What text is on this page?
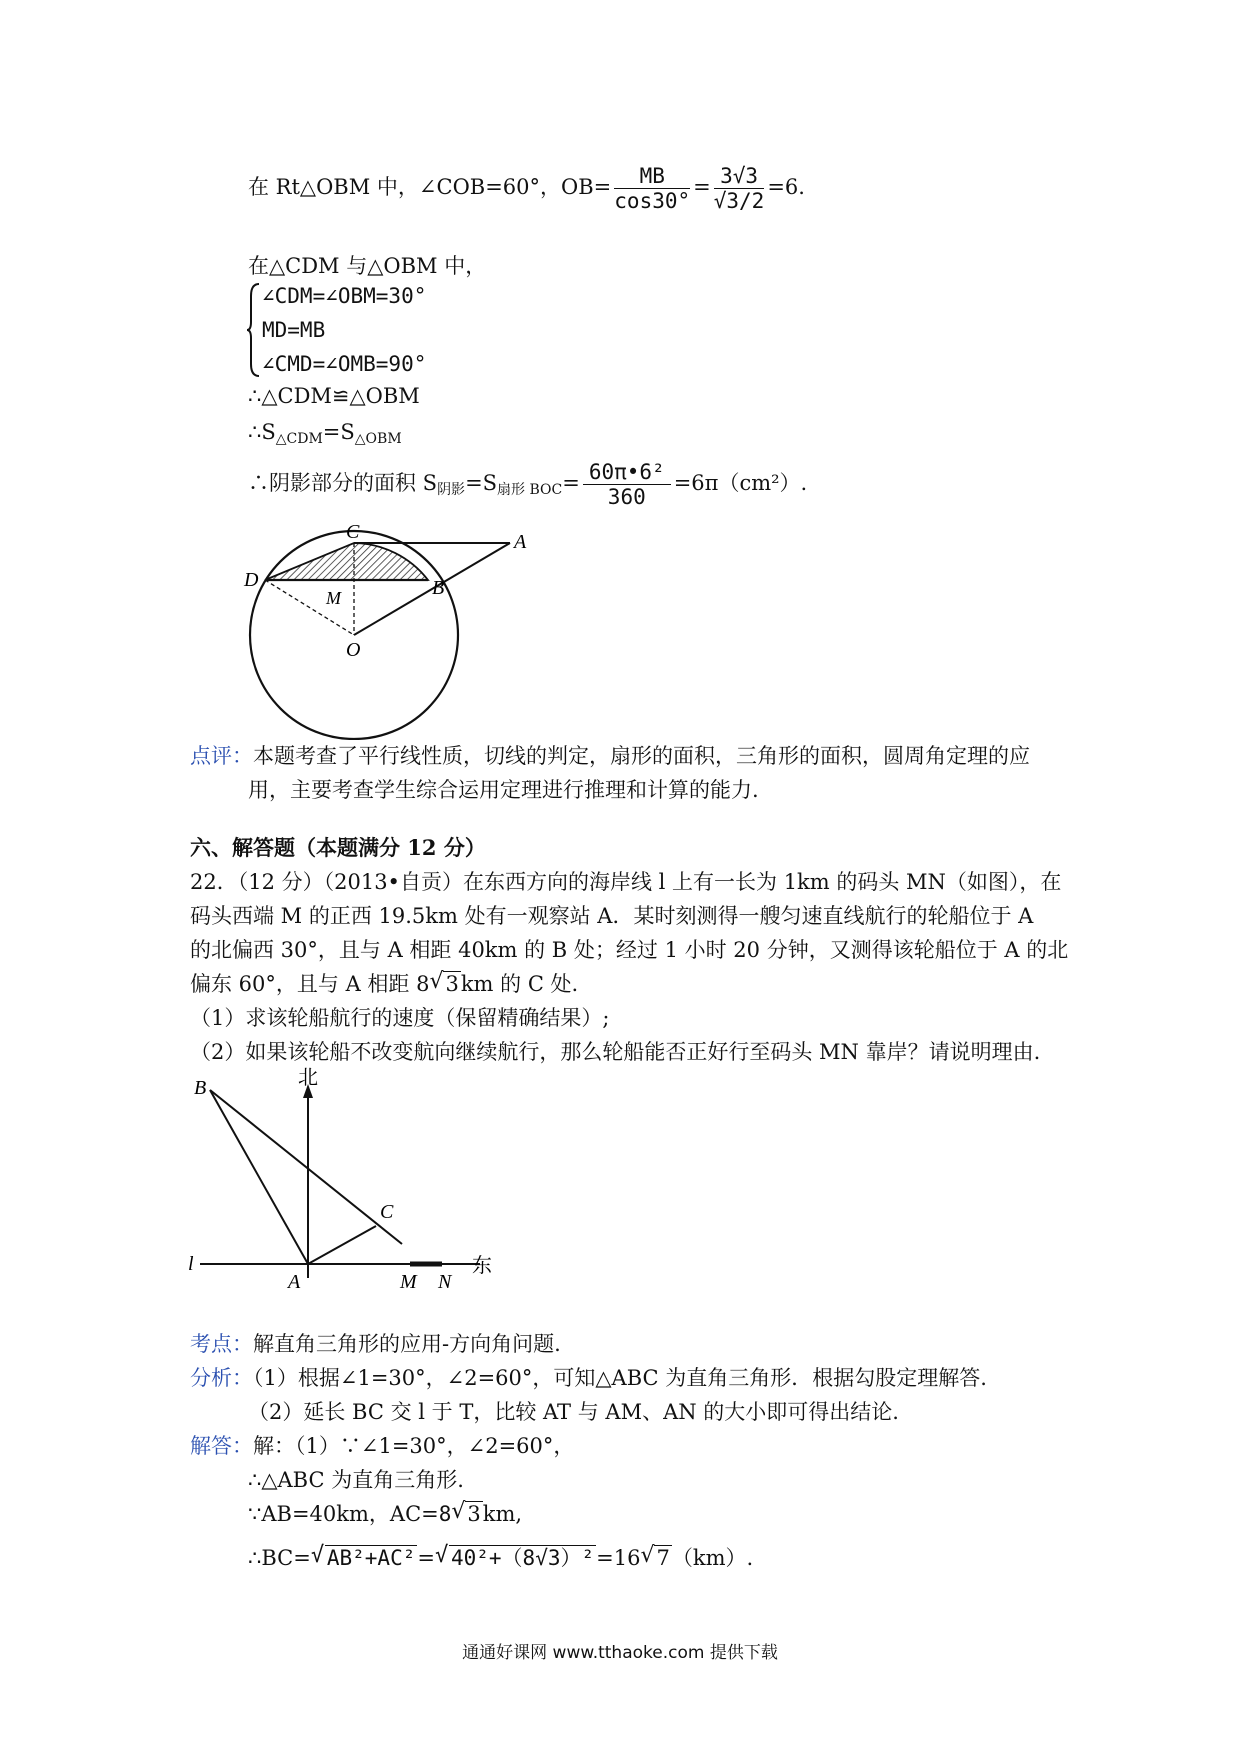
在 Rt△OBM 中，∠COB=60°，$OB= \frac{MB}{\cos 30^\circ} = \frac{3√3}{√3/2} =6$.
在△CDM 与△OBM 中，
∠CDM=∠OBM=30°
MD=MB
∠CMD=∠OMB=90°
∴△CDM≌△OBM
$\therefore S_{\triangle CDM}=S_{\triangle OBM}$
∴阴影部分的面积 $S_{阴影}=S_{扇形 BOC}= \frac{\text{60π•6²}}{360} =6\pi(cm^2)$.
C	A
D	B
M
O
点评：本题考查了平行线性质，切线的判定，扇形的面积，三角形的面积，圆周角定理的应
用，主要考查学生综合运用定理进行推理和计算的能力.
六、解答题（本题满分 12 分）
22．（12 分）（2013•自贡）在东西方向的海岸线 l 上有一长为 1km 的码头 MN（如图），在
码头西端 M 的正西 19.5km 处有一观察站 A．某时刻测得一艘匀速直线航行的轮船位于 A
的北偏西 30°，且与 A 相距 40km 的 B 处；经过 1 小时 20 分钟，又测得该轮船位于 A 的北
偏东 60°，且与 A 相距 8 √ 3km 的 C 处.
（1）求该轮船航行的速度（保留精确结果）;
（2）如果该轮船不改变航向继续航行，那么轮船能否正好行至码头 MN 靠岸？请说明理由.
B	北
C
l
A	M N
东
考点：解直角三角形的应用-方向角问题.
分析：（1）根据∠1=30°，∠2=60°，可知△ABC 为直角三角形．根据勾股定理解答.
（2）延长 BC 交 l 于 T，比较 AT 与 AM、AN 的大小即可得出结论.
解答：解：（1）∵∠1=30°，∠2=60°，
∴△ABC 为直角三角形.
∵AB=40km，AC=8 √ 3km,
∴BC= √ AB²+AC²= √ 40²+（8√3）²=16 √ 7（km）.
通通好课网 www.tthaoke.com 提供下载
